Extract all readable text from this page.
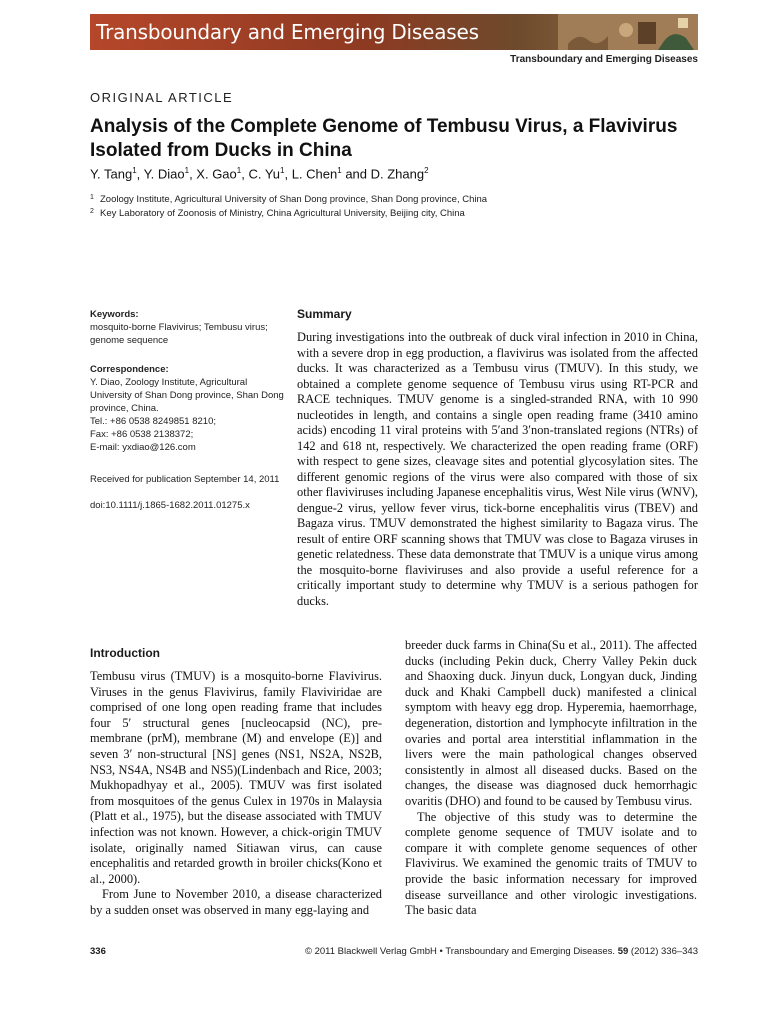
Transboundary and Emerging Diseases
Transboundary and Emerging Diseases
ORIGINAL ARTICLE
Analysis of the Complete Genome of Tembusu Virus, a Flavivirus Isolated from Ducks in China
Y. Tang$^1$, Y. Diao$^1$, X. Gao$^1$, C. Yu$^1$, L. Chen$^1$ and D. Zhang$^2$
1 Zoology Institute, Agricultural University of Shan Dong province, Shan Dong province, China
2 Key Laboratory of Zoonosis of Ministry, China Agricultural University, Beijing city, China
Keywords:
mosquito-borne Flavivirus; Tembusu virus;
genome sequence
Correspondence:
Y. Diao, Zoology Institute, Agricultural
University of Shan Dong province, Shan Dong
province, China.
Tel.: +86 0538 8249851 8210;
Fax: +86 0538 2138372;
E-mail: yxdiao@126.com
Received for publication September 14, 2011
doi:10.1111/j.1865-1682.2011.01275.x
Summary
During investigations into the outbreak of duck viral infection in 2010 in China, with a severe drop in egg production, a flavivirus was isolated from the affected ducks. It was characterized as a Tembusu virus (TMUV). In this study, we obtained a complete genome sequence of Tembusu virus using RT-PCR and RACE techniques. TMUV genome is a singled-stranded RNA, with 10 990 nucleotides in length, and contains a single open reading frame (3410 amino acids) encoding 11 viral proteins with 5′and 3′non-translated regions (NTRs) of 142 and 618 nt, respectively. We characterized the open reading frame (ORF) with respect to gene sizes, cleavage sites and potential glycosylation sites. The different genomic regions of the virus were also compared with those of six other flaviviruses including Japanese encephalitis virus, West Nile virus (WNV), dengue-2 virus, yellow fever virus, tick-borne encephalitis virus (TBEV) and Bagaza virus. TMUV demonstrated the highest similarity to Bagaza virus. The result of entire ORF scanning shows that TMUV was close to Bagaza viruses in genetic relatedness. These data demonstrate that TMUV is a unique virus among the mosquito-borne flaviviruses and also provide a useful reference for a critically important study to determine why TMUV is a serious pathogen for ducks.
Introduction

Tembusu virus (TMUV) is a mosquito-borne Flavivirus. Viruses in the genus Flavivirus, family Flaviviridae are comprised of one long open reading frame that includes four 5′ structural genes [nucleocapsid (NC), pre-membrane (prM), membrane (M) and envelope (E)] and seven 3′ non-structural [NS] genes (NS1, NS2A, NS2B, NS3, NS4A, NS4B and NS5)(Lindenbach and Rice, 2003; Mukhopadhyay et al., 2005). TMUV was first isolated from mosquitoes of the genus Culex in 1970s in Malaysia (Platt et al., 1975), but the disease associated with TMUV infection was not known. However, a chick-origin TMUV isolate, originally named Sitiawan virus, can cause encephalitis and retarded growth in broiler chicks(Kono et al., 2000).

From June to November 2010, a disease characterized by a sudden onset was observed in many egg-laying and

breeder duck farms in China(Su et al., 2011). The affected ducks (including Pekin duck, Cherry Valley Pekin duck and Shaoxing duck. Jinyun duck, Longyan duck, Jinding duck and Khaki Campbell duck) manifested a clinical symptom with heavy egg drop. Hyperemia, haemorrhage, degeneration, distortion and lymphocyte infiltration in the ovaries and portal area interstitial inflammation in the livers were the main pathological changes observed consistently in almost all diseased ducks. Based on the changes, the disease was diagnosed duck hemorrhagic ovaritis (DHO) and found to be caused by Tembusu virus.

The objective of this study was to determine the complete genome sequence of TMUV isolate and to compare it with complete genome sequences of other Flavivirus. We examined the genomic traits of TMUV to provide the basic information necessary for improved disease surveillance and other virologic investigations. The basic data

336	© 2011 Blackwell Verlag GmbH • Transboundary and Emerging Diseases. 59 (2012) 336–343
